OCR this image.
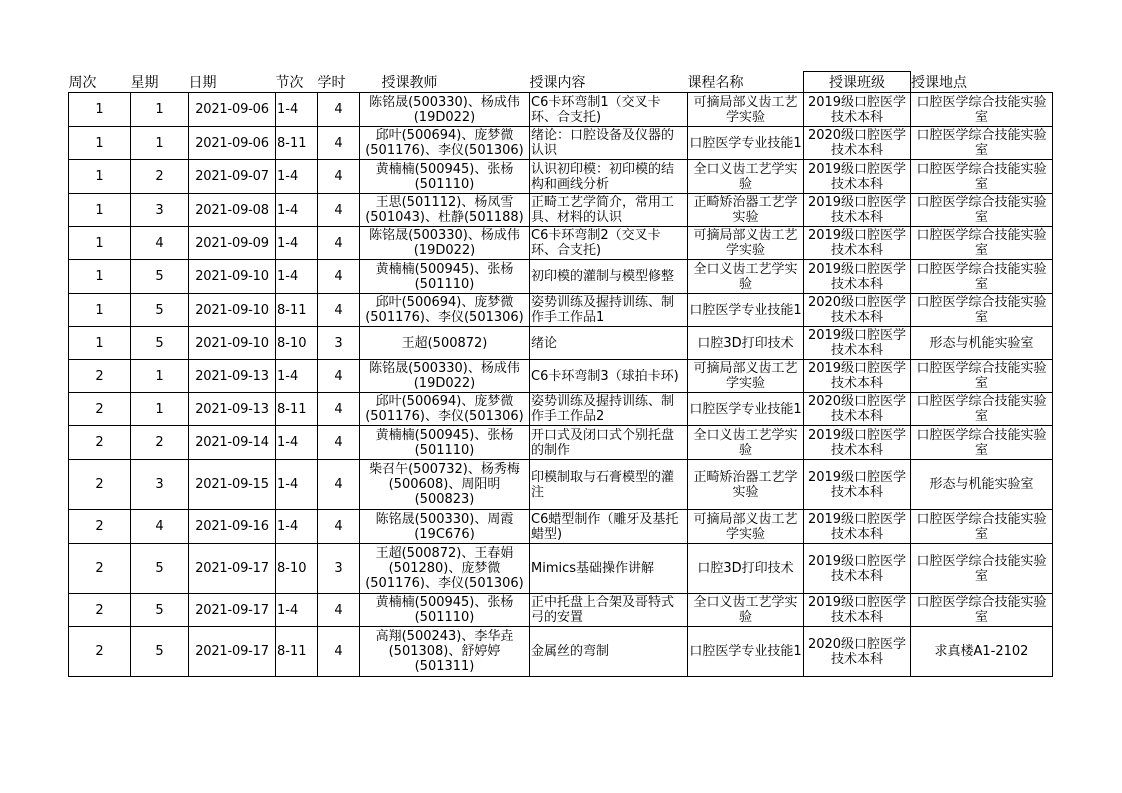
周次	星期	日期	节次	学时	授课教师	授课内容	课程名称	授课班级	授课地点
1	1	2021-09-06	1-4	4	陈铭晟(500330)、杨成伟(19D022)	C6卡环弯制1（交叉卡环、合支托)	可摘局部义齿工艺学实验	2019级口腔医学技术本科	口腔医学综合技能实验室
1	1	2021-09-06	8-11	4	邱叶(500694)、庞梦微(501176)、李仪(501306)	绪论：口腔设备及仪器的认识	口腔医学专业技能1	2020级口腔医学技术本科	口腔医学综合技能实验室
1	2	2021-09-07	1-4	4	黄楠楠(500945)、张杨(501110)	认识初印模：初印模的结构和画线分析	全口义齿工艺学实验	2019级口腔医学技术本科	口腔医学综合技能实验室
1	3	2021-09-08	1-4	4	王思(501112)、杨凤雪(501043)、杜静(501188)	正畸工艺学简介，常用工具、材料的认识	正畸矫治器工艺学实验	2019级口腔医学技术本科	口腔医学综合技能实验室
1	4	2021-09-09	1-4	4	陈铭晟(500330)、杨成伟(19D022)	C6卡环弯制2（交叉卡环、合支托)	可摘局部义齿工艺学实验	2019级口腔医学技术本科	口腔医学综合技能实验室
1	5	2021-09-10	1-4	4	黄楠楠(500945)、张杨(501110)	初印模的灌制与模型修整	全口义齿工艺学实验	2019级口腔医学技术本科	口腔医学综合技能实验室
1	5	2021-09-10	8-11	4	邱叶(500694)、庞梦微(501176)、李仪(501306)	姿势训练及握持训练、制作手工作品1	口腔医学专业技能1	2020级口腔医学技术本科	口腔医学综合技能实验室
1	5	2021-09-10	8-10	3	王超(500872)	绪论	口腔3D打印技术	2019级口腔医学技术本科	形态与机能实验室
2	1	2021-09-13	1-4	4	陈铭晟(500330)、杨成伟(19D022)	C6卡环弯制3（球拍卡环)	可摘局部义齿工艺学实验	2019级口腔医学技术本科	口腔医学综合技能实验室
2	1	2021-09-13	8-11	4	邱叶(500694)、庞梦微(501176)、李仪(501306)	姿势训练及握持训练、制作手工作品2	口腔医学专业技能1	2020级口腔医学技术本科	口腔医学综合技能实验室
2	2	2021-09-14	1-4	4	黄楠楠(500945)、张杨(501110)	开口式及闭口式个别托盘的制作	全口义齿工艺学实验	2019级口腔医学技术本科	口腔医学综合技能实验室
2	3	2021-09-15	1-4	4	柴召午(500732)、杨秀梅(500608)、周阳明(500823)	印模制取与石膏模型的灌注	正畸矫治器工艺学实验	2019级口腔医学技术本科	形态与机能实验室
2	4	2021-09-16	1-4	4	陈铭晟(500330)、周霞(19C676)	C6蜡型制作（雕牙及基托蜡型)	可摘局部义齿工艺学实验	2019级口腔医学技术本科	口腔医学综合技能实验室
2	5	2021-09-17	8-10	3	王超(500872)、王春娟(501280)、庞梦微(501176)、李仪(501306)	Mimics基础操作讲解	口腔3D打印技术	2019级口腔医学技术本科	口腔医学综合技能实验室
2	5	2021-09-17	1-4	4	黄楠楠(500945)、张杨(501110)	正中托盘上合架及哥特式弓的安置	全口义齿工艺学实验	2019级口腔医学技术本科	口腔医学综合技能实验室
2	5	2021-09-17	8-11	4	高翔(500243)、李华垚(501308)、舒婷婷(501311)	金属丝的弯制	口腔医学专业技能1	2020级口腔医学技术本科	求真楼A1-2102
